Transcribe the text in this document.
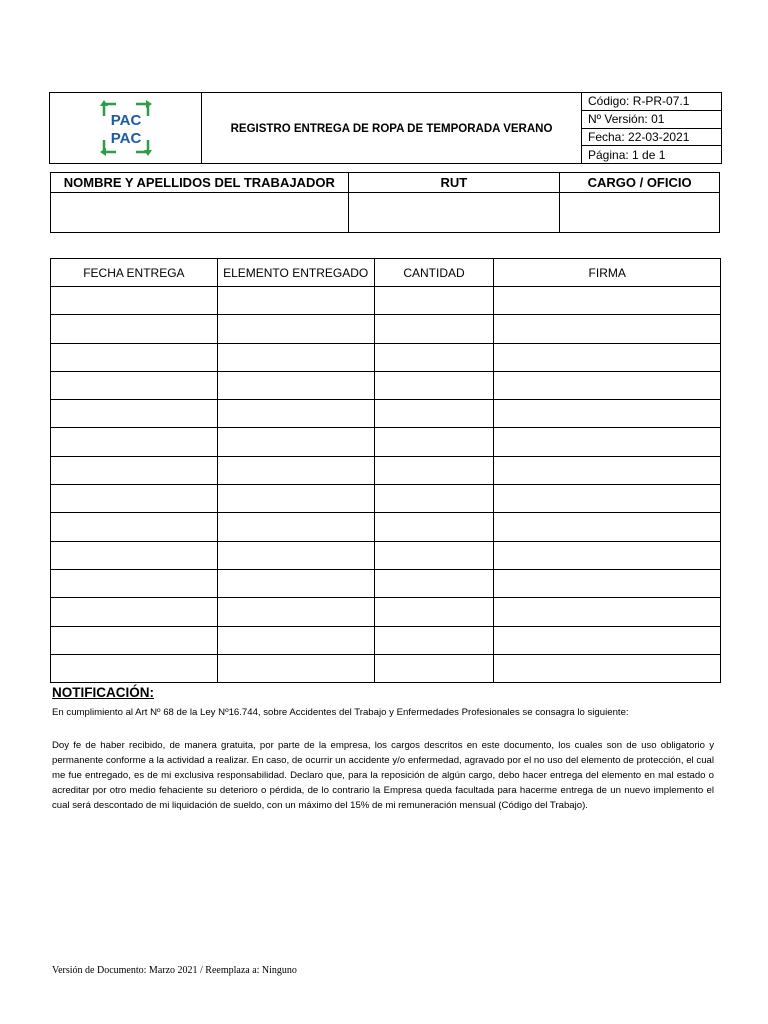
PAC
PAC
REGISTRO ENTREGA DE ROPA DE TEMPORADA VERANO
Código: R-PR-07.1
Nº Versión: 01
Fecha: 22-03-2021
Página: 1 de 1
NOMBRE Y APELLIDOS DEL TRABAJADOR	RUT	CARGO / OFICIO

FECHA ENTREGA	ELEMENTO ENTREGADO	CANTIDAD	FIRMA

NOTIFICACIÓN:

En cumplimiento al Art Nº 68 de la Ley Nº16.744, sobre Accidentes del Trabajo y Enfermedades Profesionales se consagra lo siguiente:

Doy fe de haber recibido, de manera gratuita, por parte de la empresa, los cargos descritos en este documento, los cuales son de uso obligatorio y permanente conforme a la actividad a realizar. En caso, de ocurrir un accidente y/o enfermedad, agravado por el no uso del elemento de protección, el cual me fue entregado, es de mi exclusiva responsabilidad. Declaro que, para la reposición de algún cargo, debo hacer entrega del elemento en mal estado o acreditar por otro medio fehaciente su deterioro o pérdida, de lo contrario la Empresa queda facultada para hacerme entrega de un nuevo implemento el cual será descontado de mi liquidación de sueldo, con un máximo del 15% de mi remuneración mensual (Código del Trabajo).

Versión de Documento: Marzo 2021 / Reemplaza a: Ninguno
